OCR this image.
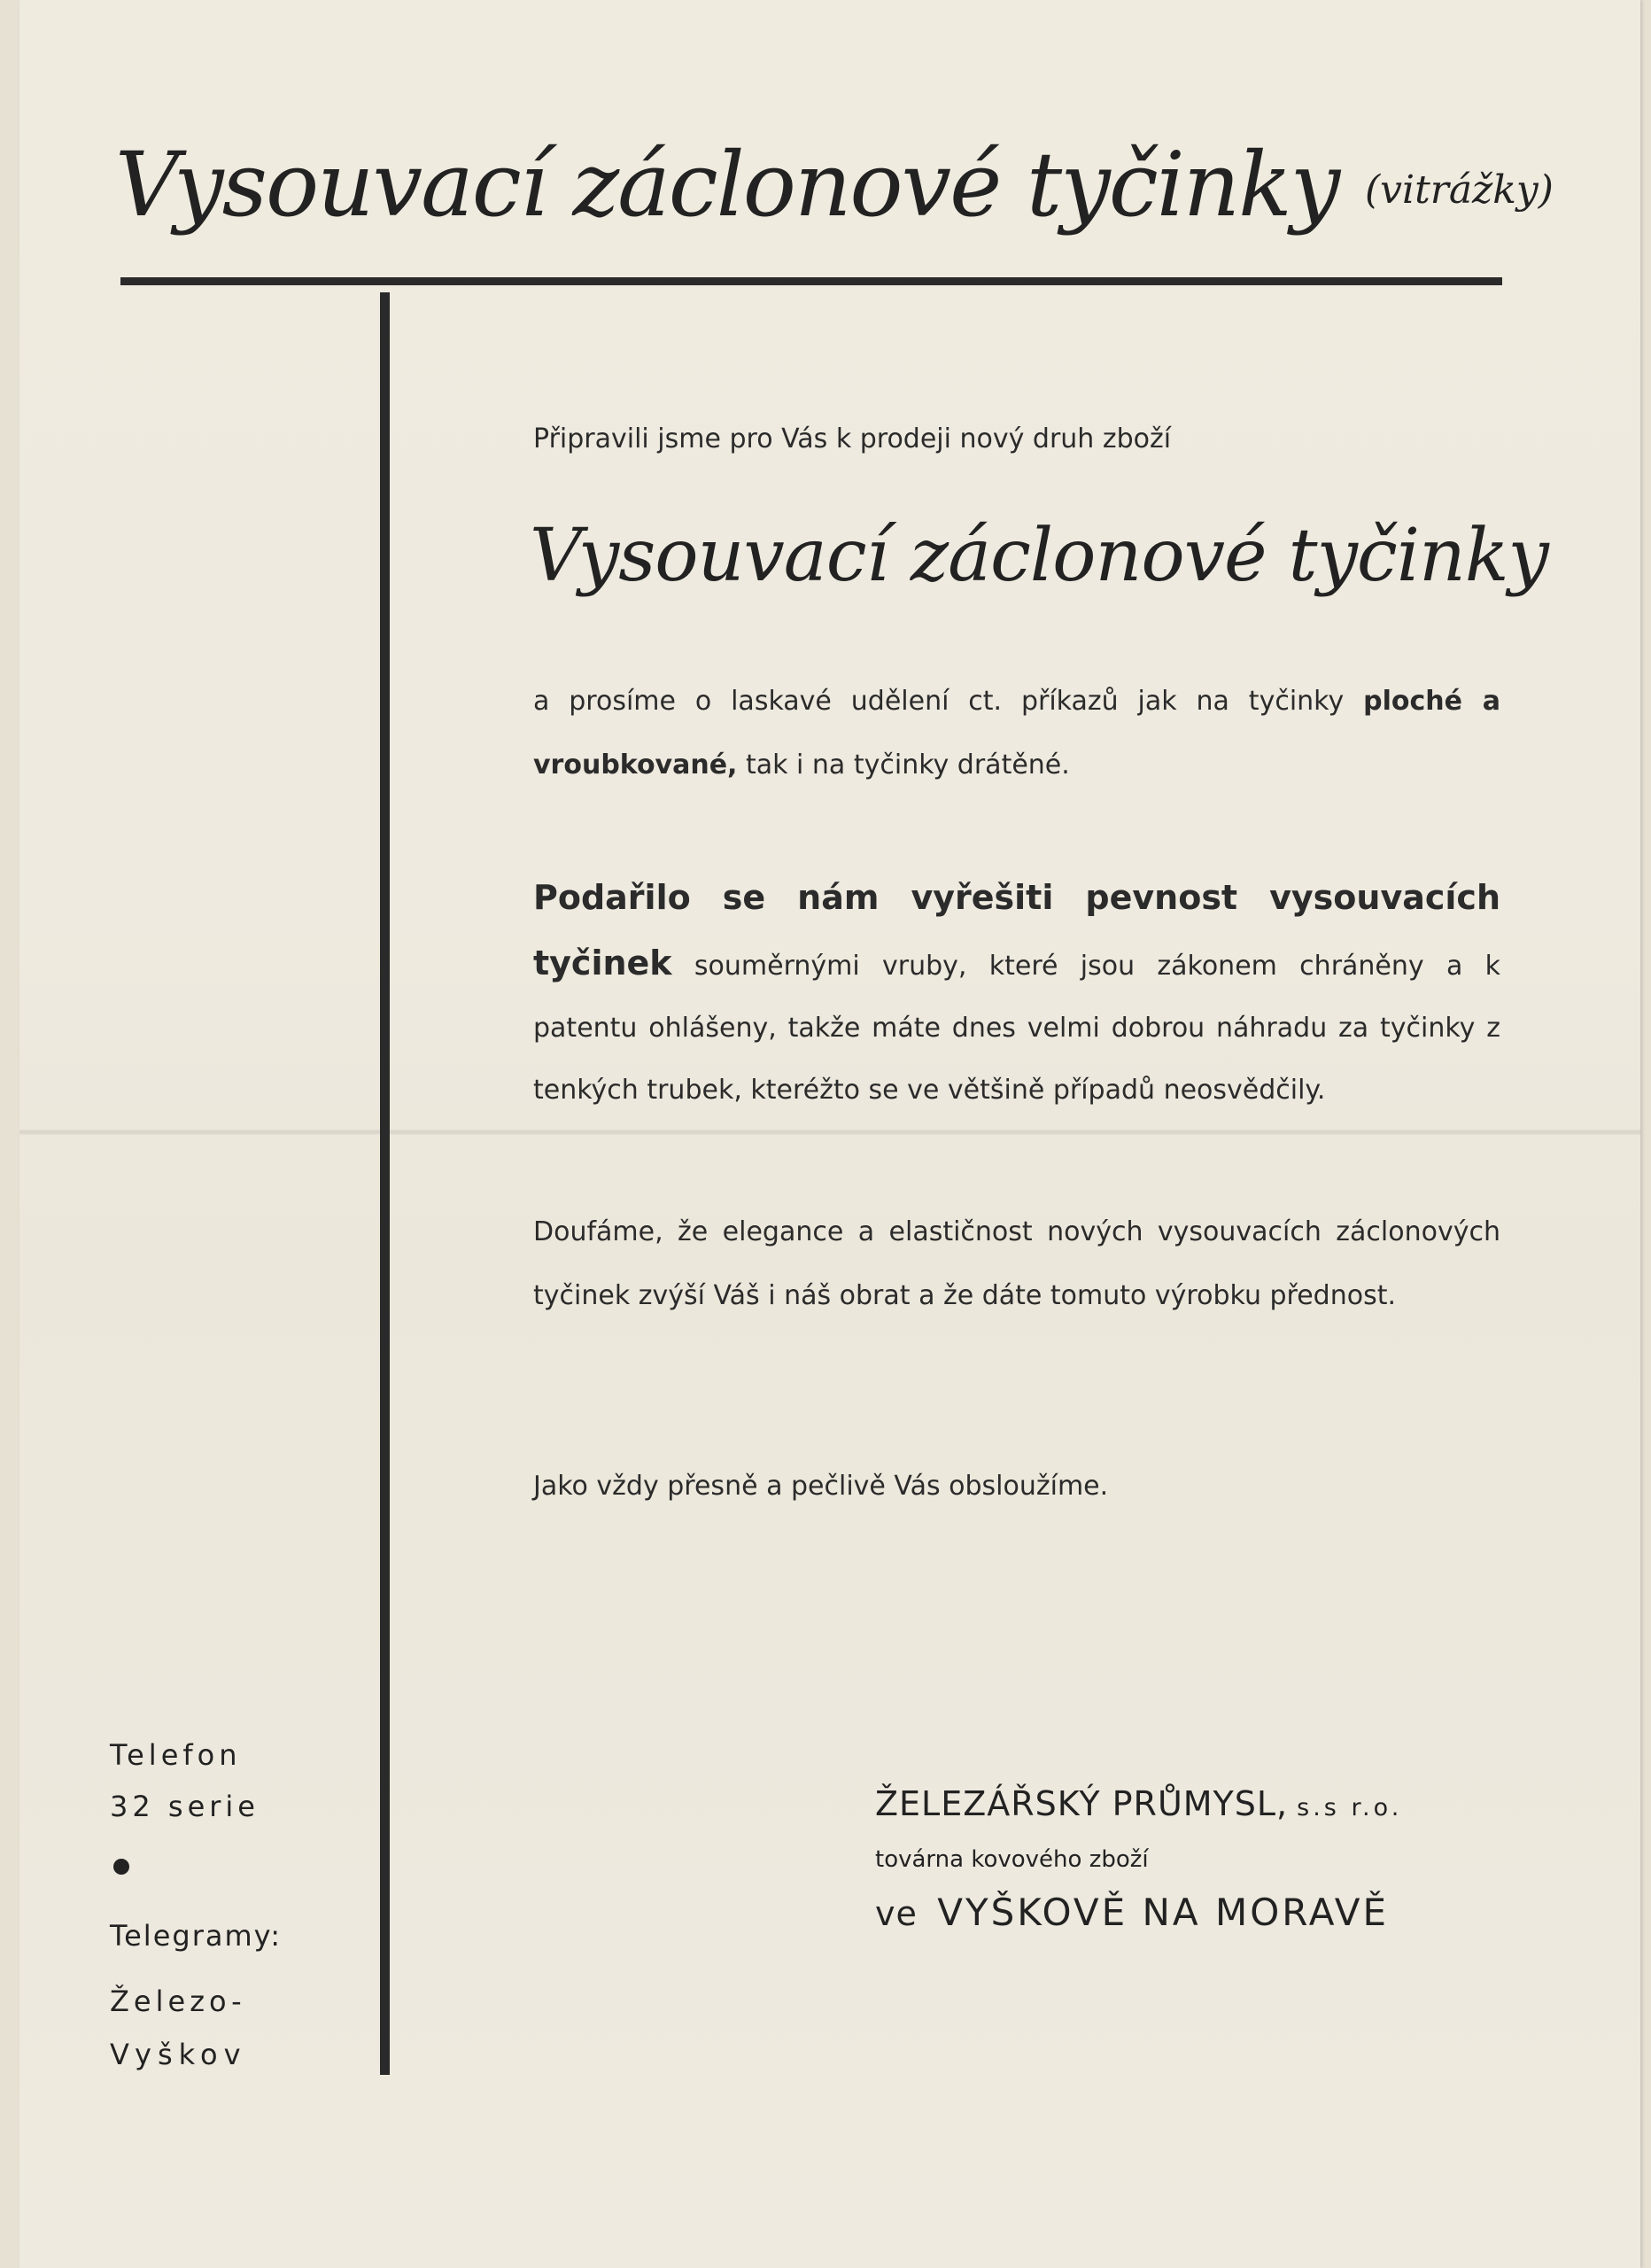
Vysouvací záclonové tyčinky $^{(vitrážky)}$
Připravili jsme pro Vás k prodeji nový druh zboží
Vysouvací záclonové tyčinky
a prosíme o laskavé udělení ct. příkazů jak na tyčinky ploché a vroubkované, tak i na tyčinky drátěné.
Podařilo se nám vyřešiti pevnost vysouvacích tyčinek souměrnými vruby, které jsou zákonem chráněny a k patentu ohlášeny, takže máte dnes velmi dobrou náhradu za tyčinky z tenkých trubek, kteréžto se ve většině případů neosvědčily.
Doufáme, že elegance a elastičnost nových vysouvacích záclonových tyčinek zvýší Váš i náš obrat a že dáte tomuto výrobku přednost.
Jako vždy přesně a pečlivě Vás obsloužíme.
Telefon
32 serie
Telegramy:
Železo-
Vyškov
ŽELEZÁŘSKÝ PRŮMYSL, s.s r.o.
továrna kovového zboží
ve VYŠKOVĚ NA MORAVĚ
